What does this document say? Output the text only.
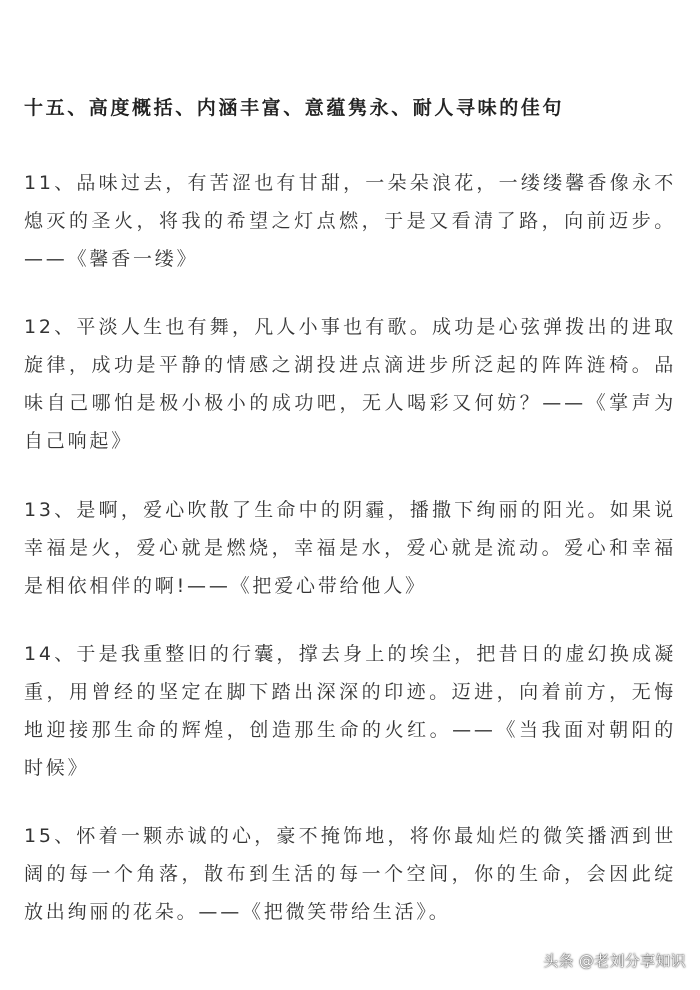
十五、高度概括、内涵丰富、意蕴隽永、耐人寻味的佳句

11、品味过去，有苦涩也有甘甜，一朵朵浪花，一缕缕馨香像永不熄灭的圣火，将我的希望之灯点燃，于是又看清了路，向前迈步。——《馨香一缕》

12、平淡人生也有舞，凡人小事也有歌。成功是心弦弹拨出的进取旋律，成功是平静的情感之湖投进点滴进步所泛起的阵阵涟椅。品味自己哪怕是极小极小的成功吧，无人喝彩又何妨？——《掌声为自己响起》

13、是啊，爱心吹散了生命中的阴霾，播撒下绚丽的阳光。如果说幸福是火，爱心就是燃烧，幸福是水，爱心就是流动。爱心和幸福是相依相伴的啊!——《把爱心带给他人》

14、于是我重整旧的行囊，撑去身上的埃尘，把昔日的虚幻换成凝重，用曾经的坚定在脚下踏出深深的印迹。迈进，向着前方，无悔地迎接那生命的辉煌，创造那生命的火红。——《当我面对朝阳的时候》

15、怀着一颗赤诚的心，豪不掩饰地，将你最灿烂的微笑播洒到世阔的每一个角落，散布到生活的每一个空间，你的生命，会因此绽放出绚丽的花朵。——《把微笑带给生活》。

头条 @老刘分享知识
